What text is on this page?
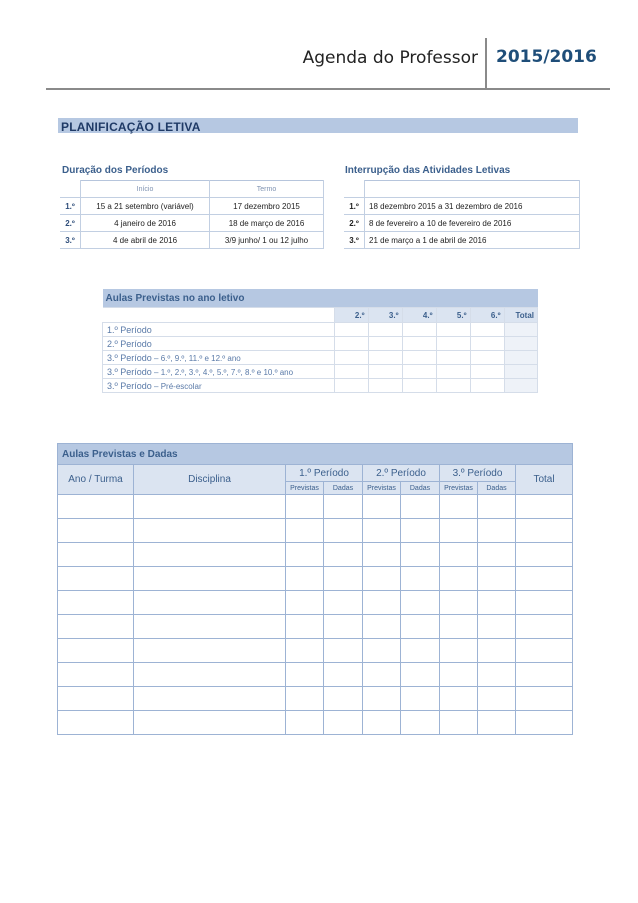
Agenda do Professor 2015/2016
PLANIFICAÇÃO LETIVA
Duração dos Períodos
	Início	Termo
1.º	15 a 21 setembro (variável)	17 dezembro 2015
2.º	4 janeiro de 2016	18 de março de 2016
3.º	4 de abril de 2016	3/9 junho/ 1 ou 12 julho
Interrupção das Atividades Letivas

1.º	18 dezembro 2015 a 31 dezembro de 2016
2.º	8 de fevereiro a 10 de fevereiro de 2016
3.º	21 de março a 1 de abril de 2016
Aulas Previstas no ano letivo						
	2.º	3.º	4.º	5.º	6.º	Total
1.º Período						
2.º Período						
3.º Período – 6.º, 9.º, 11.º e 12.º ano						
3.º Período – 1.º, 2.º, 3.º, 4.º, 5.º, 7.º, 8.º e 10.º ano						
3.º Período – Pré-escolar						
Aulas Previstas e Dadas								
Ano / Turma	Disciplina	1.º Período		2.º Período		3.º Período		Total
		Previstas	Dadas	Previstas	Dadas	Previstas	Dadas	
